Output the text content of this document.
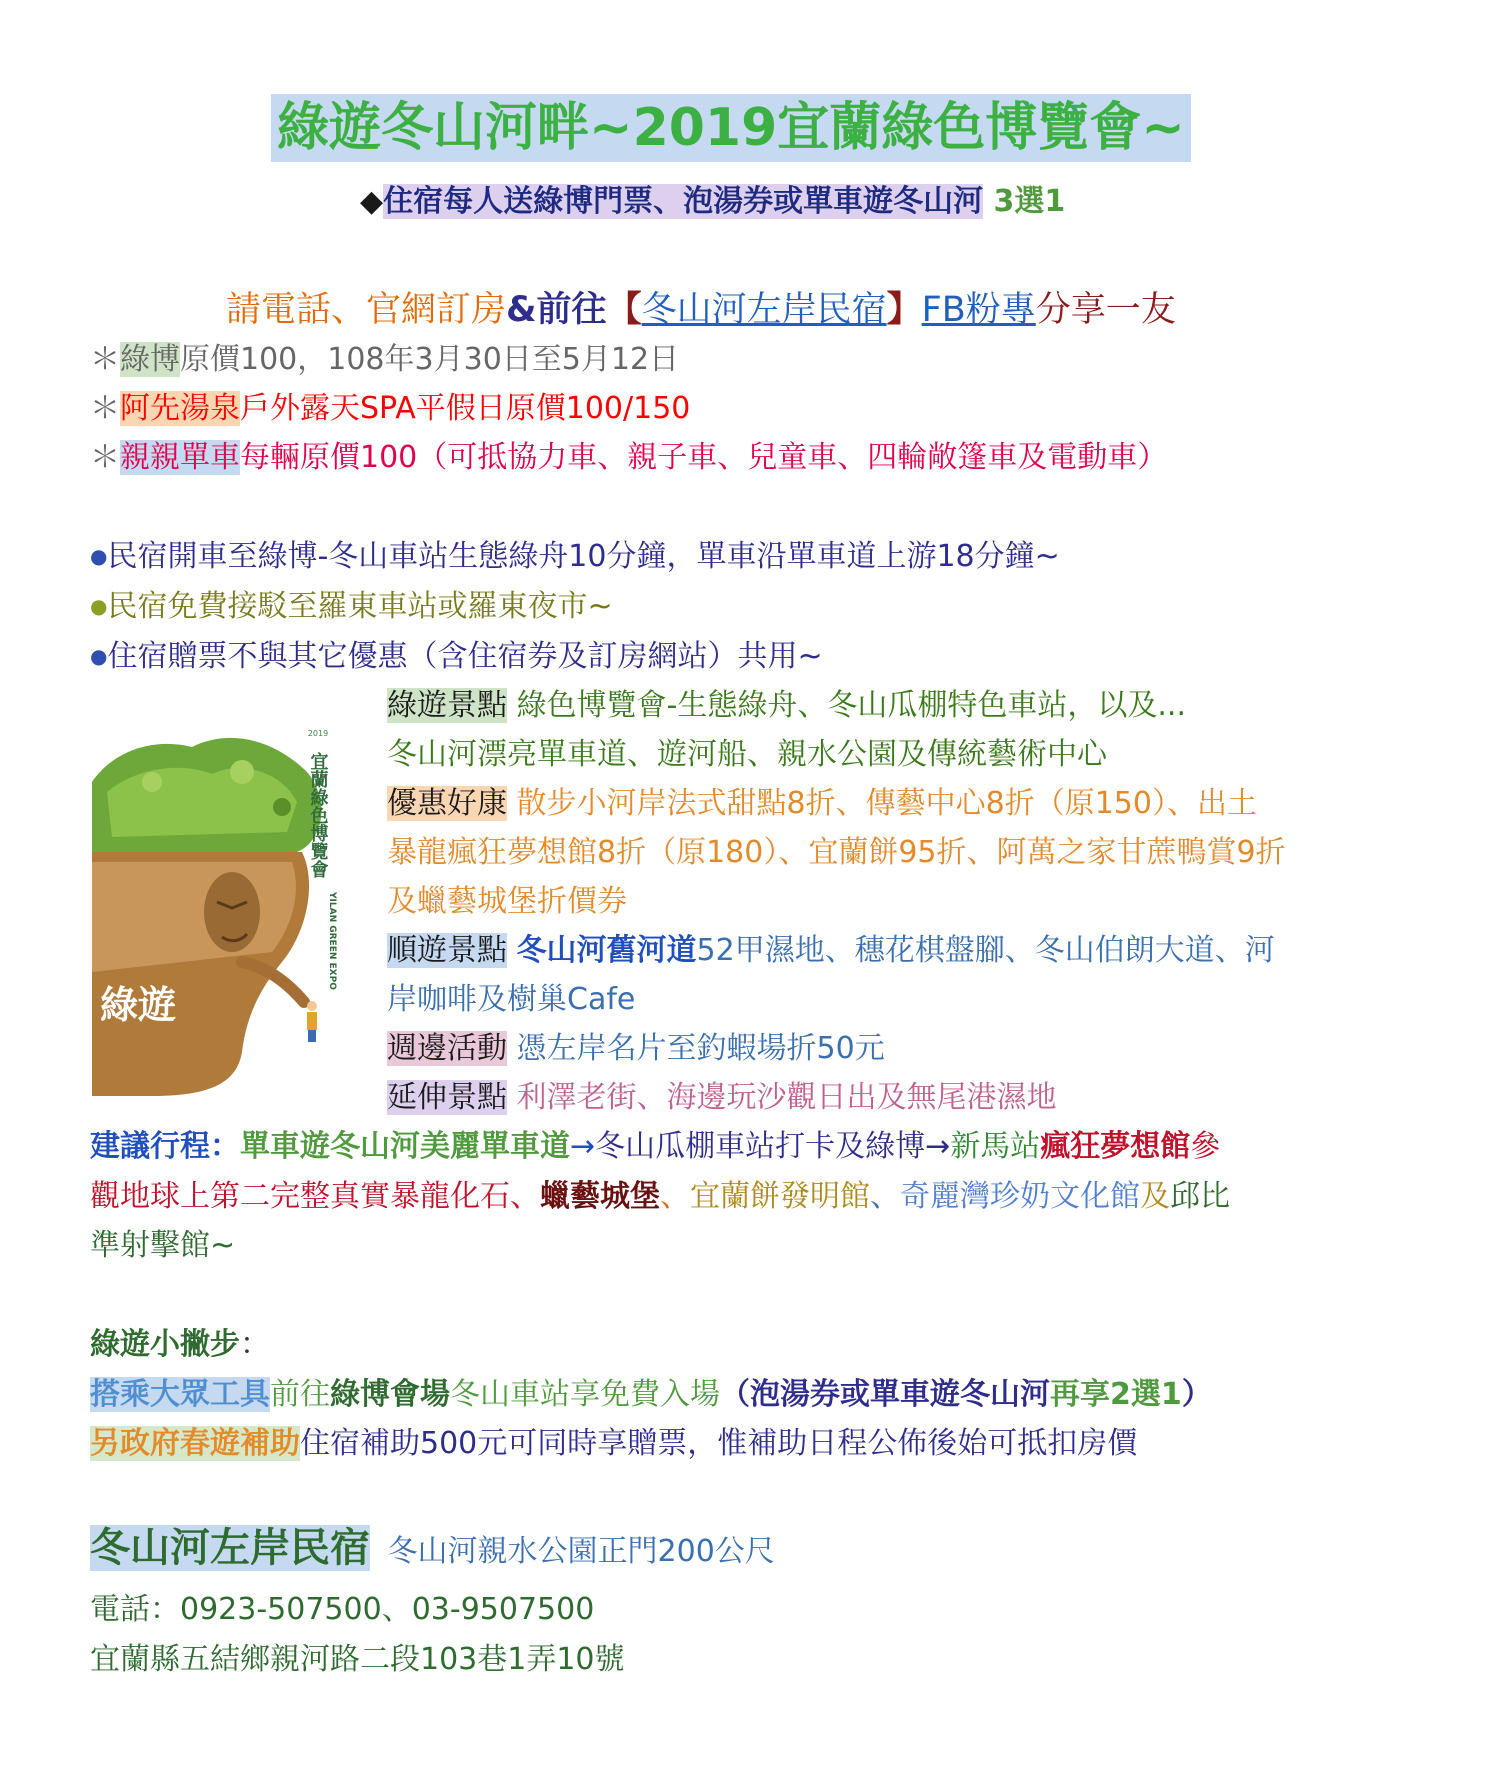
綠遊冬山河畔~2019宜蘭綠色博覽會~
◆住宿每人送綠博門票、泡湯券或單車遊冬山河 3選1
請電話、官網訂房&前往【冬山河左岸民宿】FB粉專分享一友
＊綠博原價100，108年3月30日至5月12日
＊阿先湯泉戶外露天SPA平假日原價100/150
＊親親單車每輛原價100（可抵協力車、親子車、兒童車、四輪敞篷車及電動車）
●民宿開車至綠博-冬山車站生態綠舟10分鐘，單車沿單車道上游18分鐘~
●民宿免費接駁至羅東車站或羅東夜市~
●住宿贈票不與其它優惠（含住宿券及訂房網站）共用~
綠遊
2019
宜蘭綠色博覽會
YILAN GREEN EXPO
綠遊景點 綠色博覽會-生態綠舟、冬山瓜棚特色車站，以及...
冬山河漂亮單車道、遊河船、親水公園及傳統藝術中心
優惠好康 散步小河岸法式甜點8折、傳藝中心8折（原150）、出土
暴龍瘋狂夢想館8折（原180）、宜蘭餅95折、阿萬之家甘蔗鴨賞9折
及蠟藝城堡折價券
順遊景點 冬山河舊河道52甲濕地、穗花棋盤腳、冬山伯朗大道、河
岸咖啡及樹巢Cafe
週邊活動 憑左岸名片至釣蝦場折50元
延伸景點 利澤老街、海邊玩沙觀日出及無尾港濕地
建議行程：單車遊冬山河美麗單車道→冬山瓜棚車站打卡及綠博→新馬站瘋狂夢想館參
觀地球上第二完整真實暴龍化石、蠟藝城堡、宜蘭餅發明館、奇麗灣珍奶文化館及邱比
準射擊館~
綠遊小撇步：
搭乘大眾工具前往綠博會場冬山車站享免費入場（泡湯券或單車遊冬山河再享2選1）
另政府春遊補助住宿補助500元可同時享贈票，惟補助日程公佈後始可抵扣房價
冬山河左岸民宿 冬山河親水公園正門200公尺
電話：0923-507500、03-9507500
宜蘭縣五結鄉親河路二段103巷1弄10號
